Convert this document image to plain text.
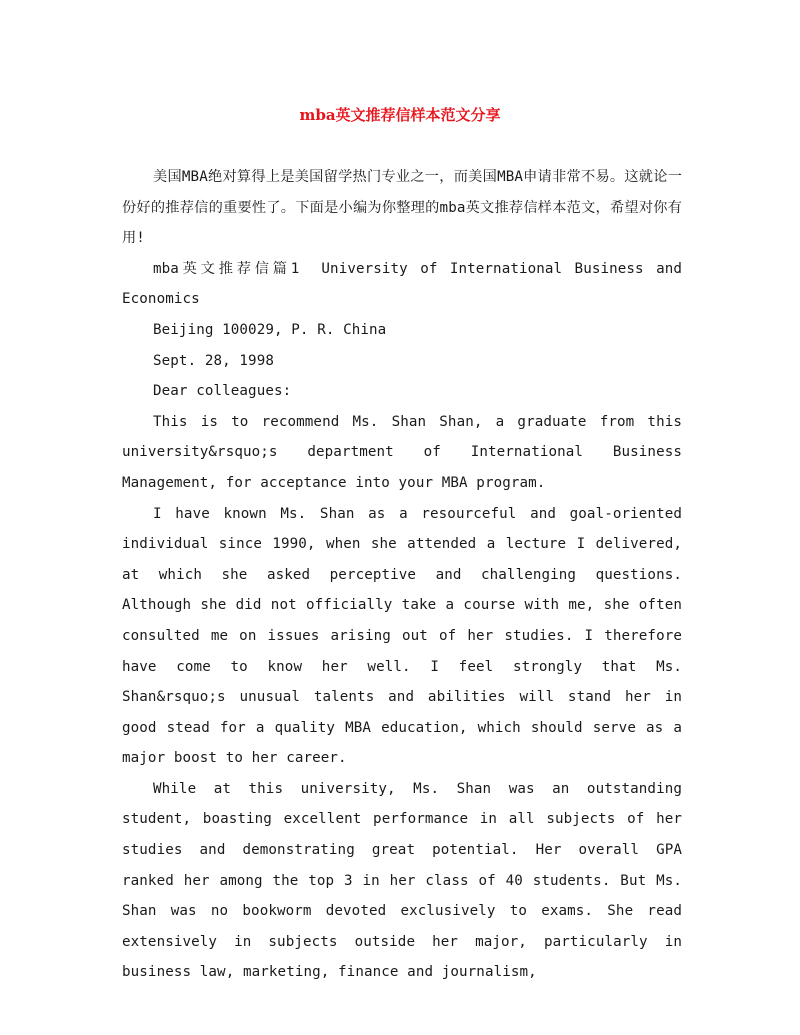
mba英文推荐信样本范文分享

美国MBA绝对算得上是美国留学热门专业之一，而美国MBA申请非常不易。这就论一份好的推荐信的重要性了。下面是小编为你整理的mba英文推荐信样本范文，希望对你有用!

mba英文推荐信篇1 University of International Business and Economics

Beijing 100029, P. R. China

Sept. 28, 1998

Dear colleagues:

This is to recommend Ms. Shan Shan, a graduate from this university&rsquo;s department of International Business Management, for acceptance into your MBA program.

I have known Ms. Shan as a resourceful and goal-oriented individual since 1990, when she attended a lecture I delivered, at which she asked perceptive and challenging questions. Although she did not officially take a course with me, she often consulted me on issues arising out of her studies. I therefore have come to know her well. I feel strongly that Ms. Shan&rsquo;s unusual talents and abilities will stand her in good stead for a quality MBA education, which should serve as a major boost to her career.

While at this university, Ms. Shan was an outstanding student, boasting excellent performance in all subjects of her studies and demonstrating great potential. Her overall GPA ranked her among the top 3 in her class of 40 students. But Ms. Shan was no bookworm devoted exclusively to exams. She read extensively in subjects outside her major, particularly in business law, marketing, finance and journalism,
